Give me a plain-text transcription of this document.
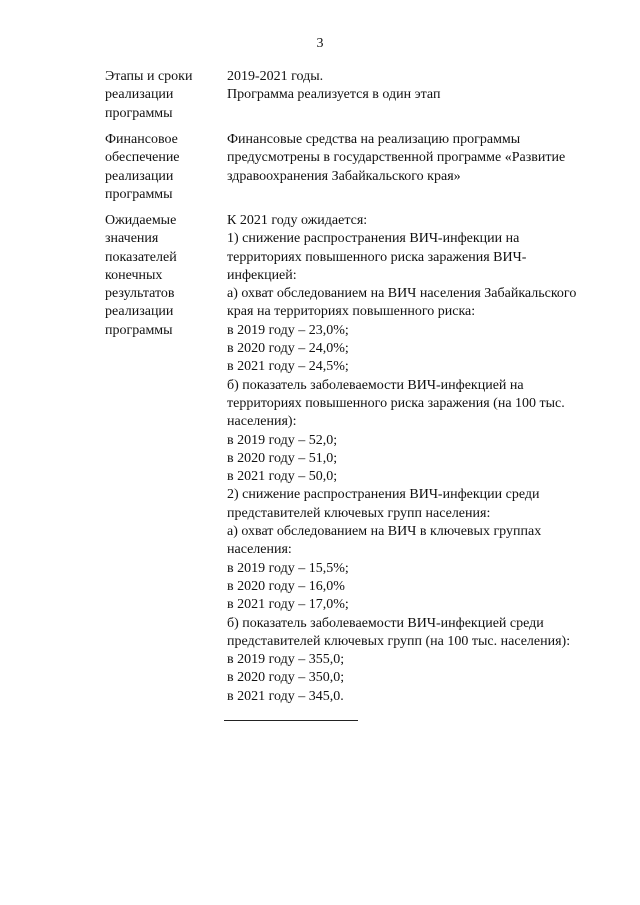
3
Этапы и сроки
реализации
программы
2019-2021 годы.
Программа реализуется в один этап
Финансовое
обеспечение
реализации
программы
Финансовые средства на реализацию программы
предусмотрены в государственной программе «Развитие
здравоохранения Забайкальского края»
Ожидаемые
значения
показателей
конечных
результатов
реализации
программы
К 2021 году ожидается:
1) снижение распространения ВИЧ-инфекции на
территориях повышенного риска заражения ВИЧ-
инфекцией:
а) охват обследованием на ВИЧ населения Забайкальского
края на территориях повышенного риска:
в 2019 году – 23,0%;
в 2020 году – 24,0%;
в 2021 году – 24,5%;
б) показатель заболеваемости ВИЧ-инфекцией на
территориях повышенного риска заражения (на 100 тыс.
населения):
в 2019 году – 52,0;
в 2020 году – 51,0;
в 2021 году – 50,0;
2) снижение распространения ВИЧ-инфекции среди
представителей ключевых групп населения:
а) охват обследованием на ВИЧ в ключевых группах
населения:
в 2019 году – 15,5%;
в 2020 году – 16,0%
в 2021 году – 17,0%;
б) показатель заболеваемости ВИЧ-инфекцией среди
представителей ключевых групп (на 100 тыс. населения):
в 2019 году – 355,0;
в 2020 году – 350,0;
в 2021 году – 345,0.
